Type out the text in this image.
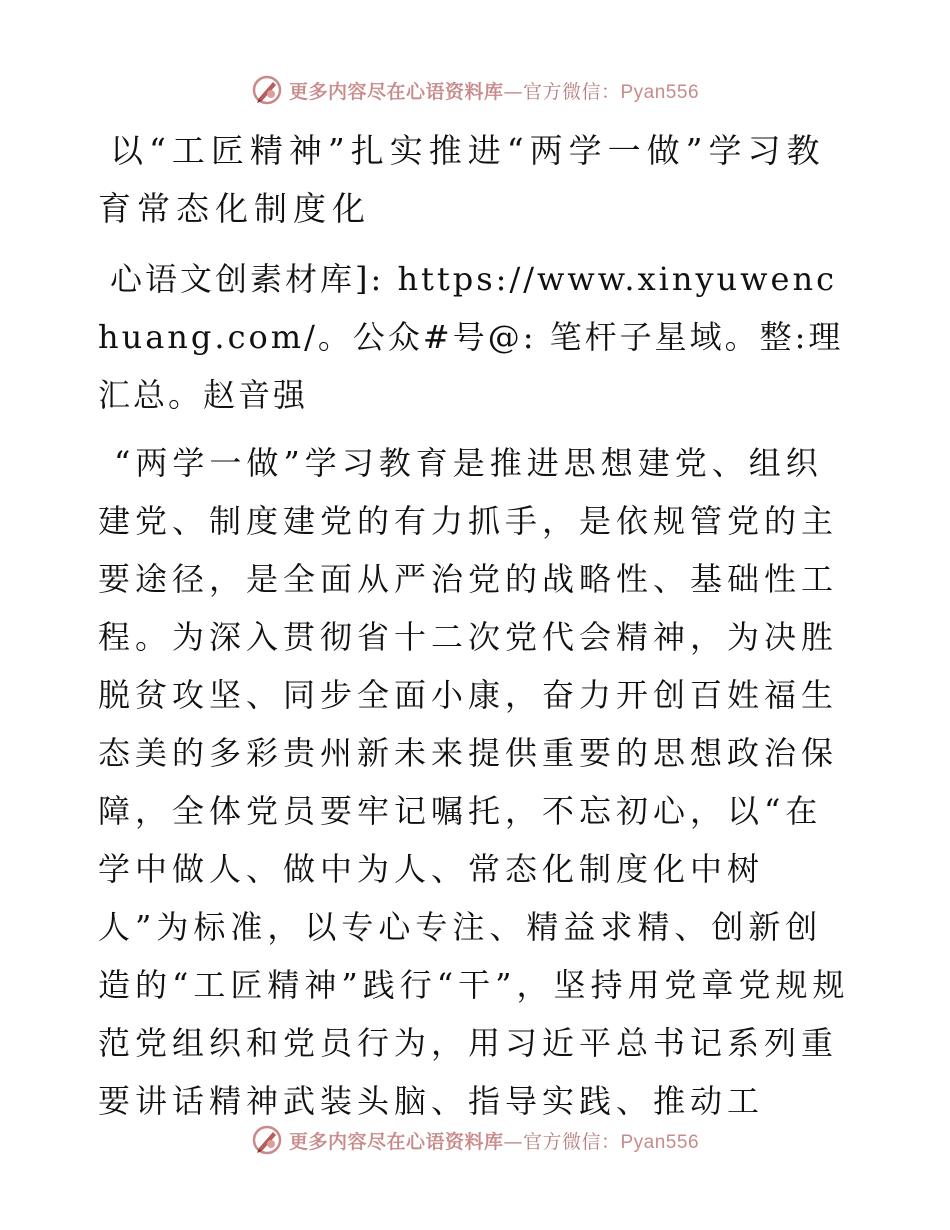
更多内容尽在心语资料库—官方微信：Pyan556
以“工匠精神”扎实推进“两学一做”学习教育常态化制度化

心语文创素材库]: https://www.xinyuwenchuang.com/。公众#号@: 笔杆子星域。整:理汇总。赵音强

“两学一做”学习教育是推进思想建党、组织建党、制度建党的有力抓手，是依规管党的主要途径，是全面从严治党的战略性、基础性工程。为深入贯彻省十二次党代会精神，为决胜脱贫攻坚、同步全面小康，奋力开创百姓福生态美的多彩贵州新未来提供重要的思想政治保障，全体党员要牢记嘱托，不忘初心，以“在学中做人、做中为人、常态化制度化中树人”为标准，以专心专注、精益求精、创新创造的“工匠精神”践行“干”，坚持用党章党规规范党组织和党员行为，用习近平总书记系列重要讲话精神武装头脑、指导实践、推动工

更多内容尽在心语资料库—官方微信：Pyan556
